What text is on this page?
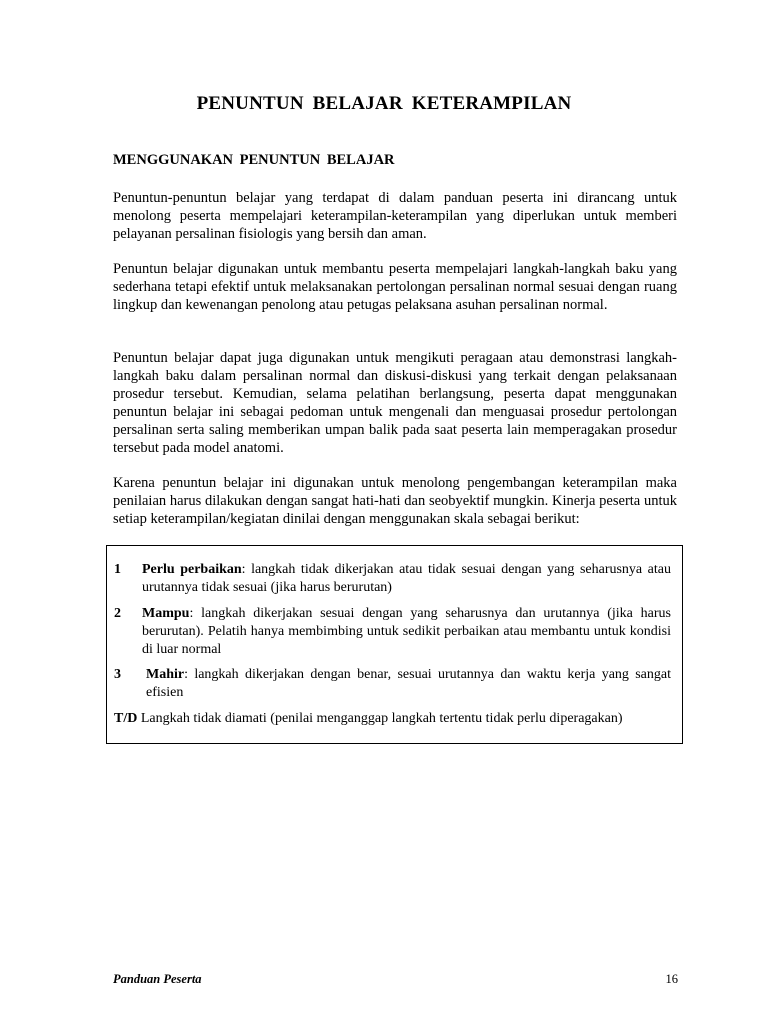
PENUNTUN BELAJAR KETERAMPILAN
MENGGUNAKAN PENUNTUN BELAJAR

Penuntun-penuntun belajar yang terdapat di dalam panduan peserta ini dirancang untuk menolong peserta mempelajari keterampilan-keterampilan yang diperlukan untuk memberi pelayanan persalinan fisiologis yang bersih dan aman.

Penuntun belajar digunakan untuk membantu peserta mempelajari langkah-langkah baku yang sederhana tetapi efektif untuk melaksanakan pertolongan persalinan normal sesuai dengan ruang lingkup dan kewenangan penolong atau petugas pelaksana asuhan persalinan normal.

Penuntun belajar dapat juga digunakan untuk mengikuti peragaan atau demonstrasi langkah-langkah baku dalam persalinan normal dan diskusi-diskusi yang terkait dengan pelaksanaan prosedur tersebut. Kemudian, selama pelatihan berlangsung, peserta dapat menggunakan penuntun belajar ini sebagai pedoman untuk mengenali dan menguasai prosedur pertolongan persalinan serta saling memberikan umpan balik pada saat peserta lain memperagakan prosedur tersebut pada model anatomi.

Karena penuntun belajar ini digunakan untuk menolong pengembangan keterampilan maka penilaian harus dilakukan dengan sangat hati-hati dan seobyektif mungkin. Kinerja peserta untuk setiap keterampilan/kegiatan dinilai dengan menggunakan skala sebagai berikut:

1 Perlu perbaikan: langkah tidak dikerjakan atau tidak sesuai dengan yang seharusnya atau urutannya tidak sesuai (jika harus berurutan)
2 Mampu: langkah dikerjakan sesuai dengan yang seharusnya dan urutannya (jika harus berurutan). Pelatih hanya membimbing untuk sedikit perbaikan atau membantu untuk kondisi di luar normal
3 Mahir: langkah dikerjakan dengan benar, sesuai urutannya dan waktu kerja yang sangat efisien
T/D Langkah tidak diamati (penilai menganggap langkah tertentu tidak perlu diperagakan)
Panduan Peserta	16
